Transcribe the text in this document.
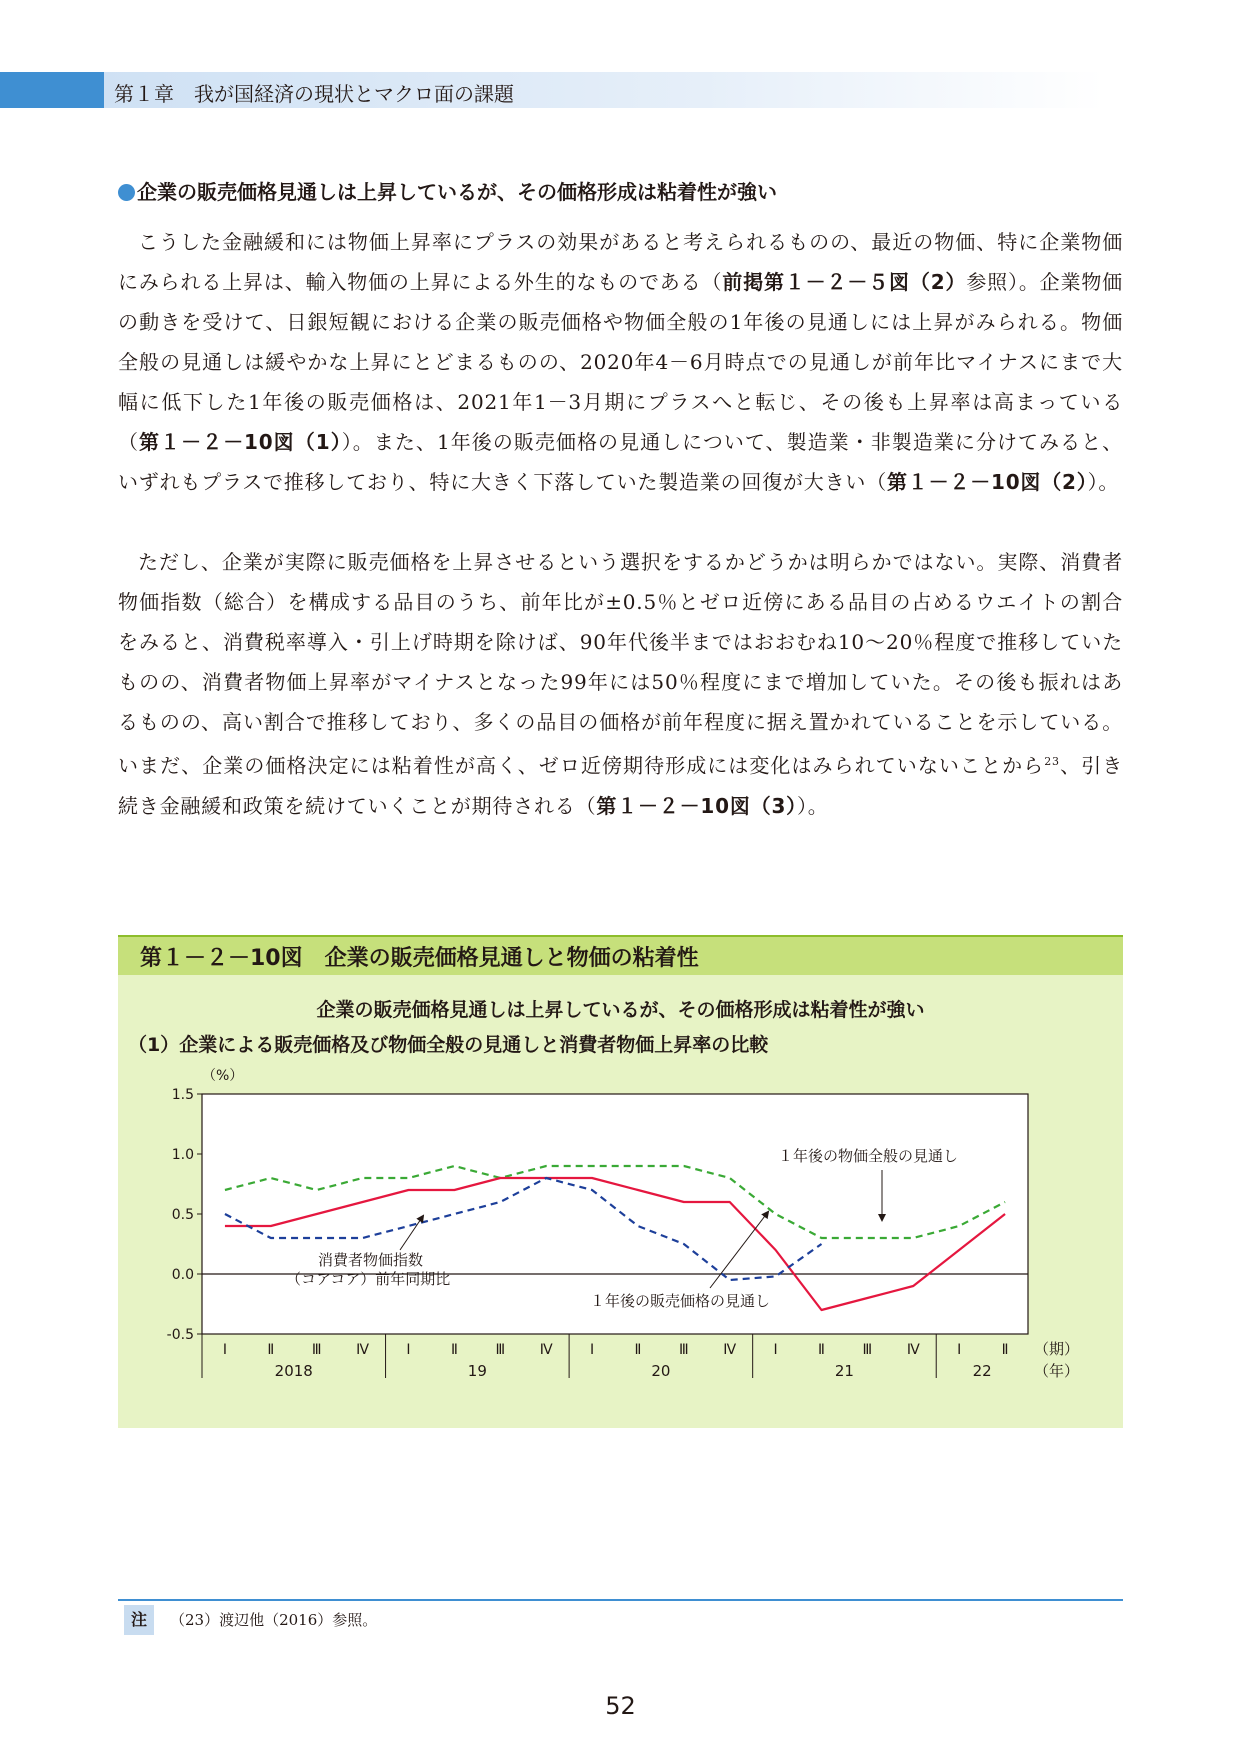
第１章　我が国経済の現状とマクロ面の課題
企業の販売価格見通しは上昇しているが、その価格形成は粘着性が強い

こうした金融緩和には物価上昇率にプラスの効果があると考えられるものの、最近の物価、特に企業物価にみられる上昇は、輸入物価の上昇による外生的なものである（前掲第１－２－５図（2）参照）。企業物価の動きを受けて、日銀短観における企業の販売価格や物価全般の1年後の見通しには上昇がみられる。物価全般の見通しは緩やかな上昇にとどまるものの、2020年4－6月時点での見通しが前年比マイナスにまで大幅に低下した1年後の販売価格は、2021年1－3月期にプラスへと転じ、その後も上昇率は高まっている（第１－２－10図（1））。また、1年後の販売価格の見通しについて、製造業・非製造業に分けてみると、いずれもプラスで推移しており、特に大きく下落していた製造業の回復が大きい（第１－２－10図（2））。

ただし、企業が実際に販売価格を上昇させるという選択をするかどうかは明らかではない。実際、消費者物価指数（総合）を構成する品目のうち、前年比が±0.5％とゼロ近傍にある品目の占めるウエイトの割合をみると、消費税率導入・引上げ時期を除けば、90年代後半まではおおむね10～20％程度で推移していたものの、消費者物価上昇率がマイナスとなった99年には50％程度にまで増加していた。その後も振れはあるものの、高い割合で推移しており、多くの品目の価格が前年程度に据え置かれていることを示している。いまだ、企業の価格決定には粘着性が高く、ゼロ近傍期待形成には変化はみられていないことから$^{23}$、引き続き金融緩和政策を続けていくことが期待される（第１－２－10図（3））。

第１－２－10図　企業の販売価格見通しと物価の粘着性
企業の販売価格見通しは上昇しているが、その価格形成は粘着性が強い
（1）企業による販売価格及び物価全般の見通しと消費者物価上昇率の比較
（%）
1.5
1.0
0.5
0.0
-0.5
Ⅰ	Ⅱ	Ⅲ Ⅳ	Ⅰ	Ⅱ	Ⅲ Ⅳ	Ⅰ	Ⅱ	Ⅲ Ⅳ	Ⅰ	Ⅱ	Ⅲ Ⅳ	Ⅰ	Ⅱ
2018	19	20	21	22
（期）
（年）
１年後の物価全般の見通し
１年後の販売価格の見通し
消費者物価指数
（コアコア）前年同期比
注	（23）渡辺他（2016）参照。
52
